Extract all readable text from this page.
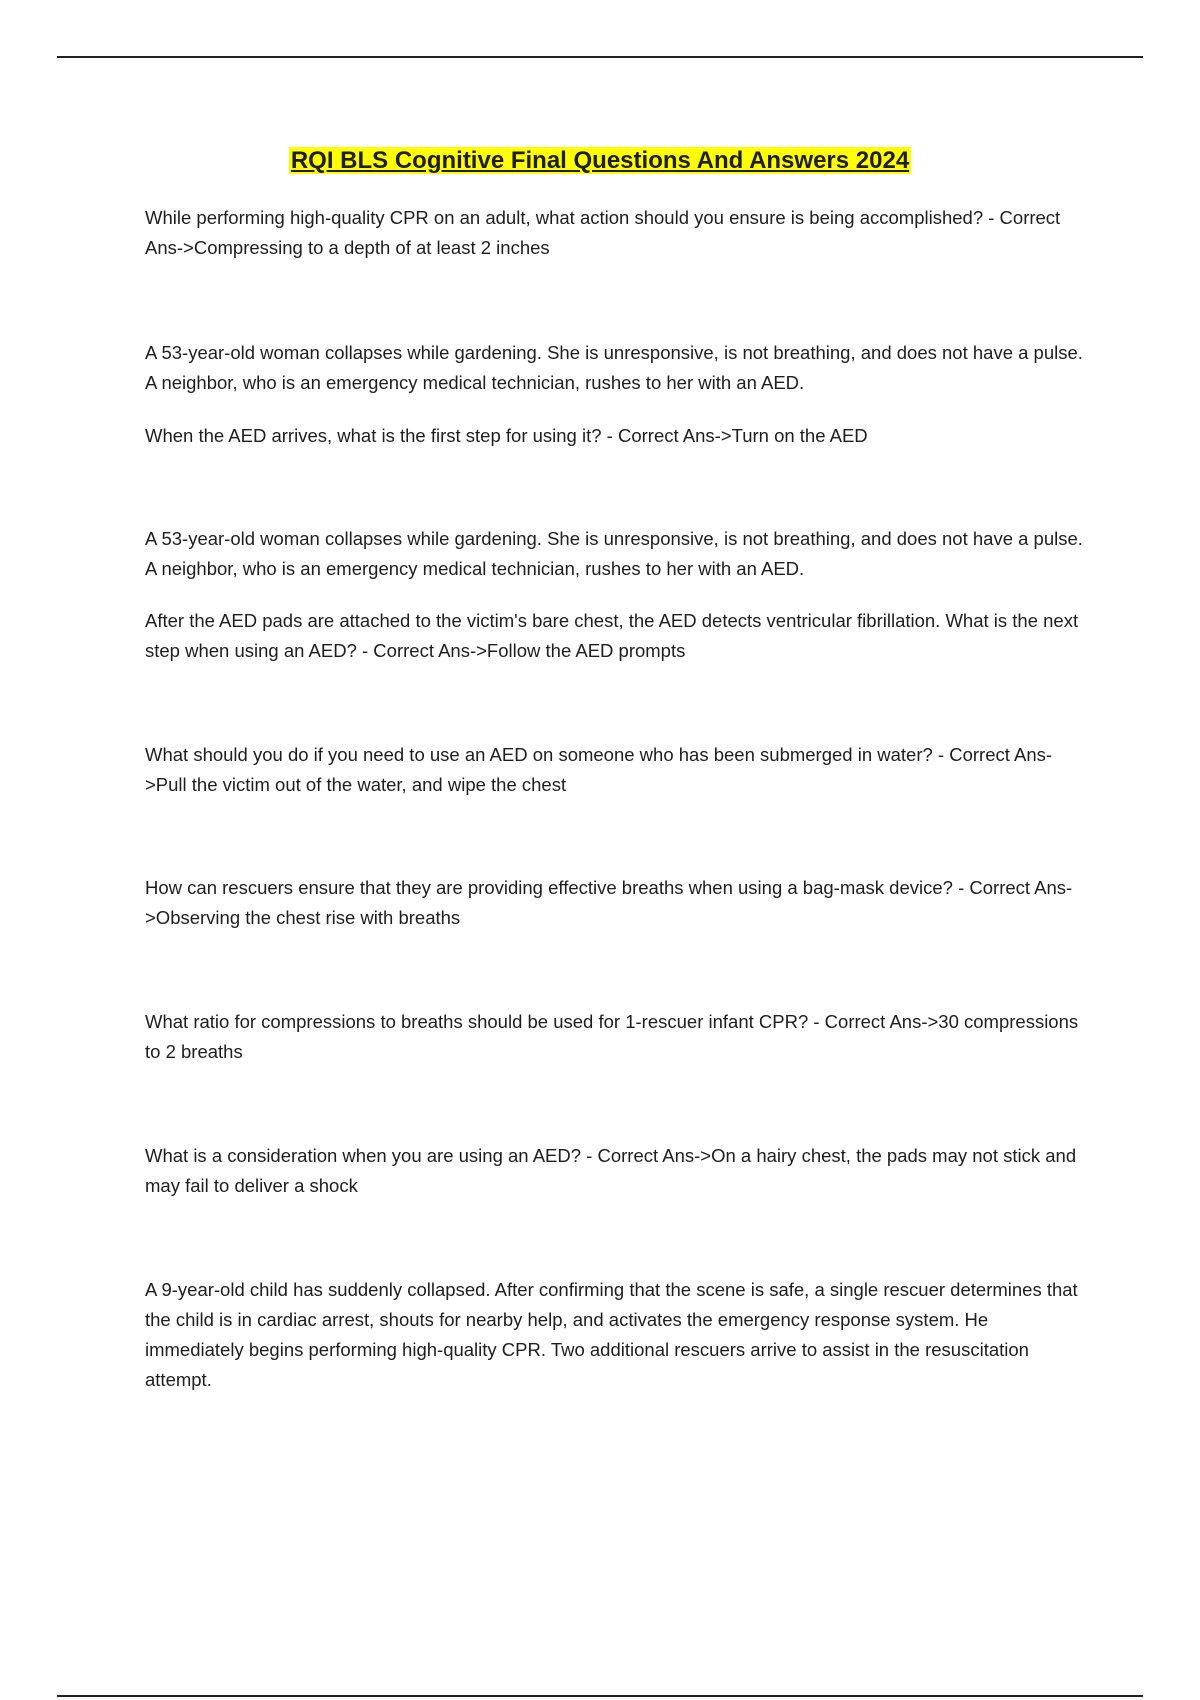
RQI BLS Cognitive Final Questions And Answers 2024

While performing high-quality CPR on an adult, what action should you ensure is being accomplished? - Correct Ans->Compressing to a depth of at least 2 inches

A 53-year-old woman collapses while gardening. She is unresponsive, is not breathing, and does not have a pulse. A neighbor, who is an emergency medical technician, rushes to her with an AED.

When the AED arrives, what is the first step for using it? - Correct Ans->Turn on the AED

A 53-year-old woman collapses while gardening. She is unresponsive, is not breathing, and does not have a pulse. A neighbor, who is an emergency medical technician, rushes to her with an AED.

After the AED pads are attached to the victim's bare chest, the AED detects ventricular fibrillation. What is the next step when using an AED? - Correct Ans->Follow the AED prompts

What should you do if you need to use an AED on someone who has been submerged in water? - Correct Ans->Pull the victim out of the water, and wipe the chest

How can rescuers ensure that they are providing effective breaths when using a bag-mask device? - Correct Ans->Observing the chest rise with breaths

What ratio for compressions to breaths should be used for 1-rescuer infant CPR? - Correct Ans->30 compressions to 2 breaths

What is a consideration when you are using an AED? - Correct Ans->On a hairy chest, the pads may not stick and may fail to deliver a shock

A 9-year-old child has suddenly collapsed. After confirming that the scene is safe, a single rescuer determines that the child is in cardiac arrest, shouts for nearby help, and activates the emergency response system. He immediately begins performing high-quality CPR. Two additional rescuers arrive to assist in the resuscitation attempt.
